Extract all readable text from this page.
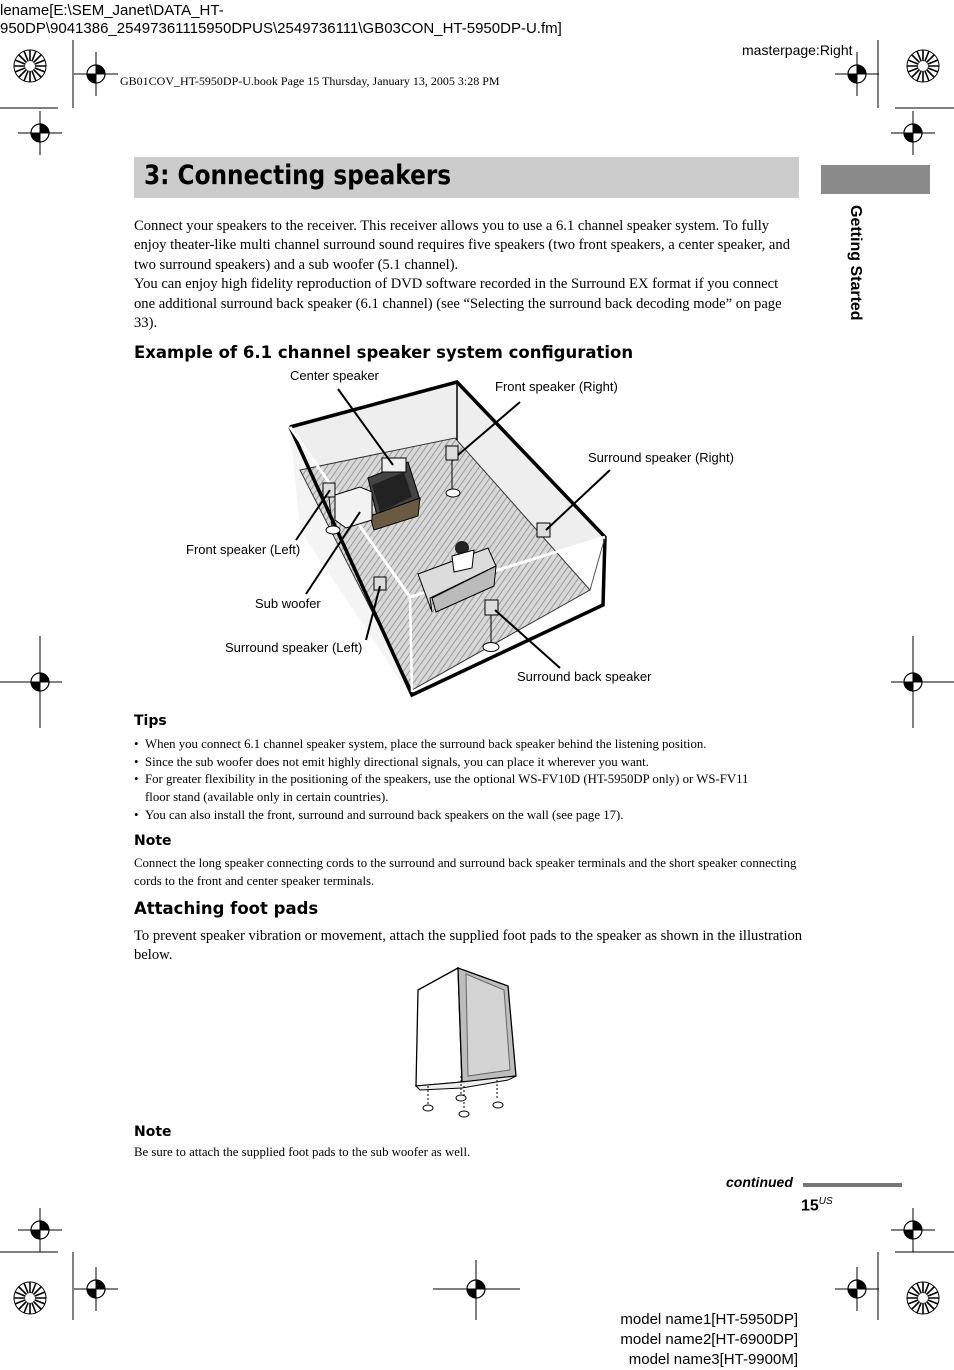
lename[E:\SEM_Janet\DATA_HT-
950DP\9041386_25497361115950DPUS\2549736111\GB03CON_HT-5950DP-U.fm]
masterpage:Right
GB01COV_HT-5950DP-U.book Page 15 Thursday, January 13, 2005 3:28 PM
3: Connecting speakers
Getting Started

Connect your speakers to the receiver. This receiver allows you to use a 6.1 channel speaker system. To fully enjoy theater-like multi channel surround sound requires five speakers (two front speakers, a center speaker, and two surround speakers) and a sub woofer (5.1 channel).

You can enjoy high fidelity reproduction of DVD software recorded in the Surround EX format if you connect one additional surround back speaker (6.1 channel) (see “Selecting the surround back decoding mode” on page 33).

Example of 6.1 channel speaker system configuration
Center speaker
Front speaker (Right)
Surround speaker (Right)
Front speaker (Left)
Sub woofer
Surround speaker (Left)
Surround back speaker
Tips
• When you connect 6.1 channel speaker system, place the surround back speaker behind the listening position.
• Since the sub woofer does not emit highly directional signals, you can place it wherever you want.
• For greater flexibility in the positioning of the speakers, use the optional WS-FV10D (HT-5950DP only) or WS-FV11 floor stand (available only in certain countries).
• You can also install the front, surround and surround back speakers on the wall (see page 17).
Note

Connect the long speaker connecting cords to the surround and surround back speaker terminals and the short speaker connecting cords to the front and center speaker terminals.

Attaching foot pads

To prevent speaker vibration or movement, attach the supplied foot pads to the speaker as shown in the illustration below.

Note

Be sure to attach the supplied foot pads to the sub woofer as well.

continued
$15^{US}$
model name1[HT-5950DP]
model name2[HT-6900DP]
model name3[HT-9900M]
